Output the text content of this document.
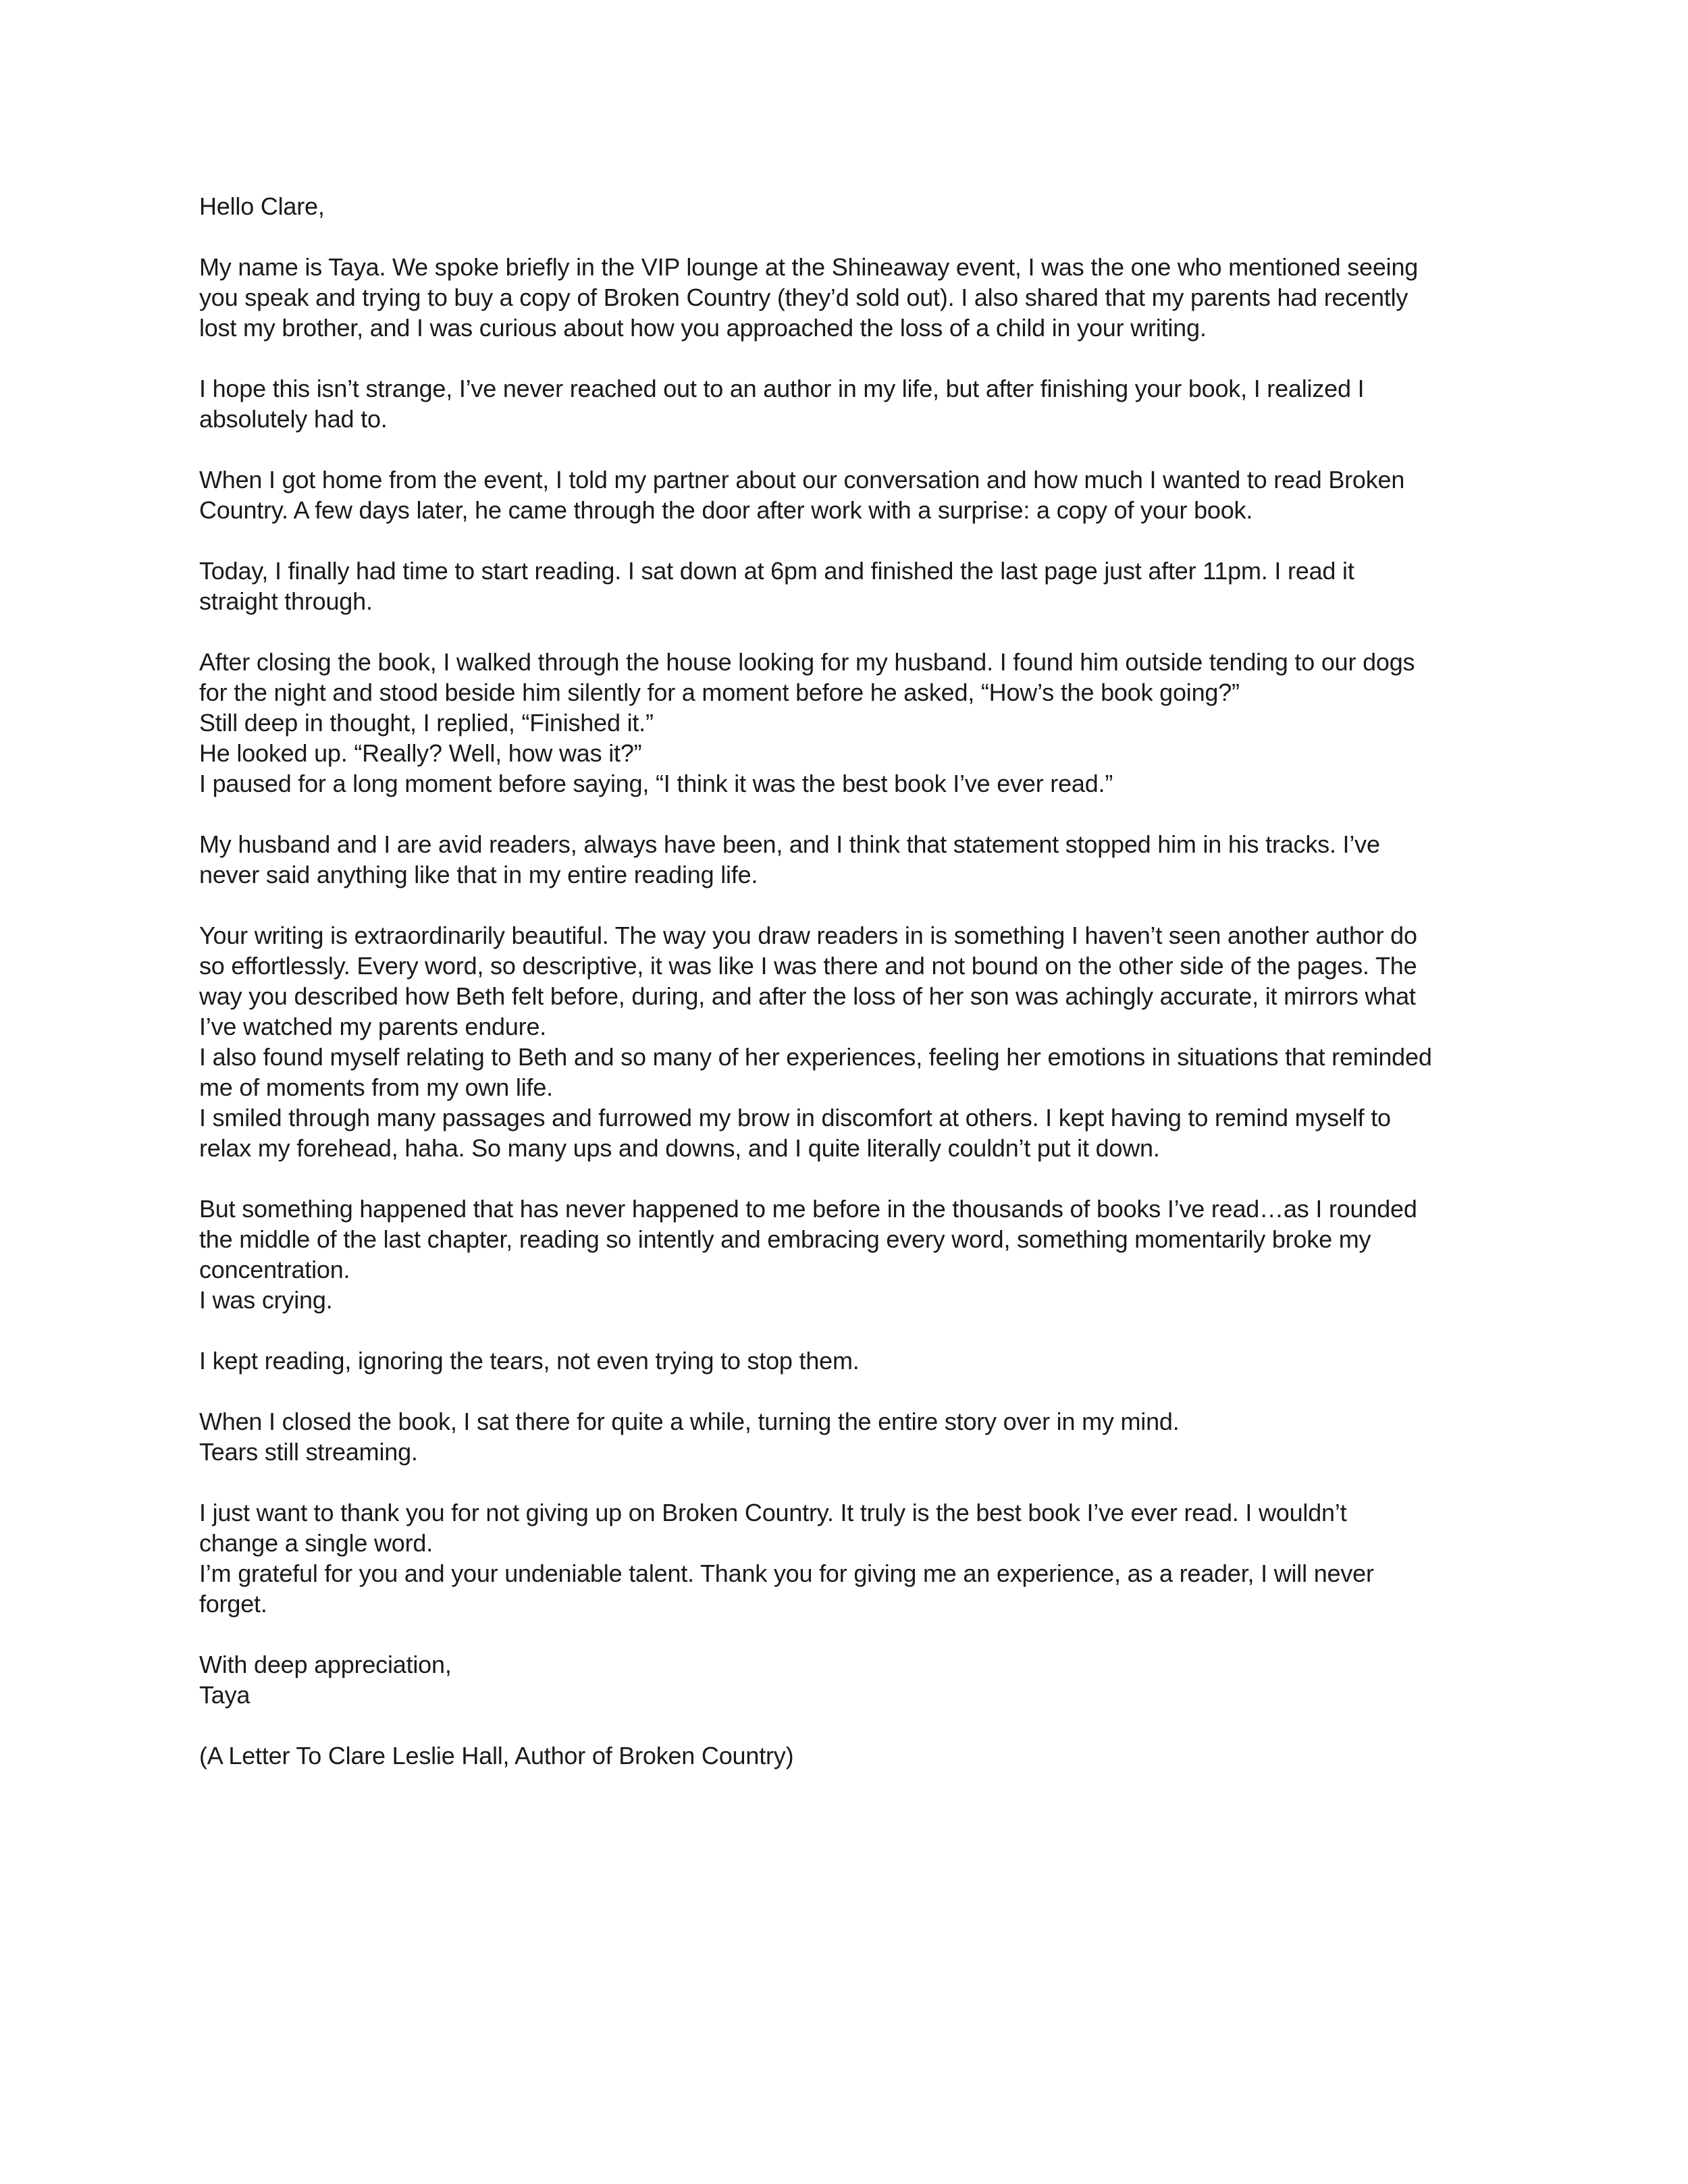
Hello Clare,
My name is Taya. We spoke briefly in the VIP lounge at the Shineaway event, I was the one who mentioned seeing
you speak and trying to buy a copy of Broken Country (they’d sold out). I also shared that my parents had recently
lost my brother, and I was curious about how you approached the loss of a child in your writing.
I hope this isn’t strange, I’ve never reached out to an author in my life, but after finishing your book, I realized I
absolutely had to.
When I got home from the event, I told my partner about our conversation and how much I wanted to read Broken
Country. A few days later, he came through the door after work with a surprise: a copy of your book.
Today, I finally had time to start reading. I sat down at 6pm and finished the last page just after 11pm. I read it
straight through.
After closing the book, I walked through the house looking for my husband. I found him outside tending to our dogs
for the night and stood beside him silently for a moment before he asked, “How’s the book going?”
Still deep in thought, I replied, “Finished it.”
He looked up. “Really? Well, how was it?”
I paused for a long moment before saying, “I think it was the best book I’ve ever read.”
My husband and I are avid readers, always have been, and I think that statement stopped him in his tracks. I’ve
never said anything like that in my entire reading life.
Your writing is extraordinarily beautiful. The way you draw readers in is something I haven’t seen another author do
so effortlessly. Every word, so descriptive, it was like I was there and not bound on the other side of the pages. The
way you described how Beth felt before, during, and after the loss of her son was achingly accurate, it mirrors what
I’ve watched my parents endure.
I also found myself relating to Beth and so many of her experiences, feeling her emotions in situations that reminded
me of moments from my own life.
I smiled through many passages and furrowed my brow in discomfort at others. I kept having to remind myself to
relax my forehead, haha. So many ups and downs, and I quite literally couldn’t put it down.
But something happened that has never happened to me before in the thousands of books I’ve read…as I rounded
the middle of the last chapter, reading so intently and embracing every word, something momentarily broke my
concentration.
I was crying.
I kept reading, ignoring the tears, not even trying to stop them.
When I closed the book, I sat there for quite a while, turning the entire story over in my mind.
Tears still streaming.
I just want to thank you for not giving up on Broken Country. It truly is the best book I’ve ever read. I wouldn’t
change a single word.
I’m grateful for you and your undeniable talent. Thank you for giving me an experience, as a reader, I will never
forget.
With deep appreciation,
Taya
(A Letter To Clare Leslie Hall, Author of Broken Country)
